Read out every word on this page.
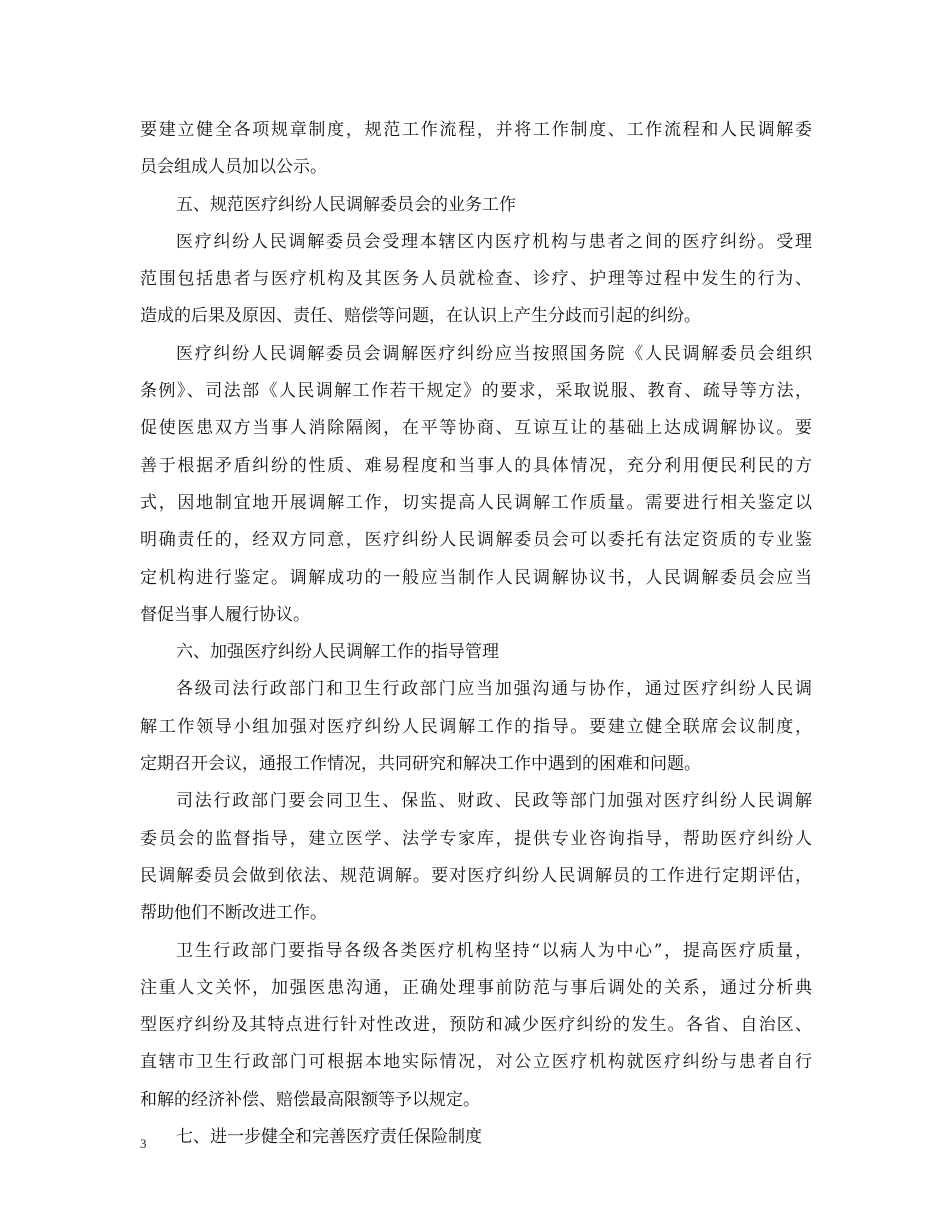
要建立健全各项规章制度，规范工作流程，并将工作制度、工作流程和人民调解委
员会组成人员加以公示。
五、规范医疗纠纷人民调解委员会的业务工作
医疗纠纷人民调解委员会受理本辖区内医疗机构与患者之间的医疗纠纷。受理
范围包括患者与医疗机构及其医务人员就检查、诊疗、护理等过程中发生的行为、
造成的后果及原因、责任、赔偿等问题，在认识上产生分歧而引起的纠纷。
医疗纠纷人民调解委员会调解医疗纠纷应当按照国务院《人民调解委员会组织
条例》、司法部《人民调解工作若干规定》的要求，采取说服、教育、疏导等方法，
促使医患双方当事人消除隔阂，在平等协商、互谅互让的基础上达成调解协议。要
善于根据矛盾纠纷的性质、难易程度和当事人的具体情况，充分利用便民利民的方
式，因地制宜地开展调解工作，切实提高人民调解工作质量。需要进行相关鉴定以
明确责任的，经双方同意，医疗纠纷人民调解委员会可以委托有法定资质的专业鉴
定机构进行鉴定。调解成功的一般应当制作人民调解协议书，人民调解委员会应当
督促当事人履行协议。
六、加强医疗纠纷人民调解工作的指导管理
各级司法行政部门和卫生行政部门应当加强沟通与协作，通过医疗纠纷人民调
解工作领导小组加强对医疗纠纷人民调解工作的指导。要建立健全联席会议制度，
定期召开会议，通报工作情况，共同研究和解决工作中遇到的困难和问题。
司法行政部门要会同卫生、保监、财政、民政等部门加强对医疗纠纷人民调解
委员会的监督指导，建立医学、法学专家库，提供专业咨询指导，帮助医疗纠纷人
民调解委员会做到依法、规范调解。要对医疗纠纷人民调解员的工作进行定期评估，
帮助他们不断改进工作。
卫生行政部门要指导各级各类医疗机构坚持“以病人为中心”，提高医疗质量，
注重人文关怀，加强医患沟通，正确处理事前防范与事后调处的关系，通过分析典
型医疗纠纷及其特点进行针对性改进，预防和减少医疗纠纷的发生。各省、自治区、
直辖市卫生行政部门可根据本地实际情况，对公立医疗机构就医疗纠纷与患者自行
和解的经济补偿、赔偿最高限额等予以规定。
七、进一步健全和完善医疗责任保险制度
3
